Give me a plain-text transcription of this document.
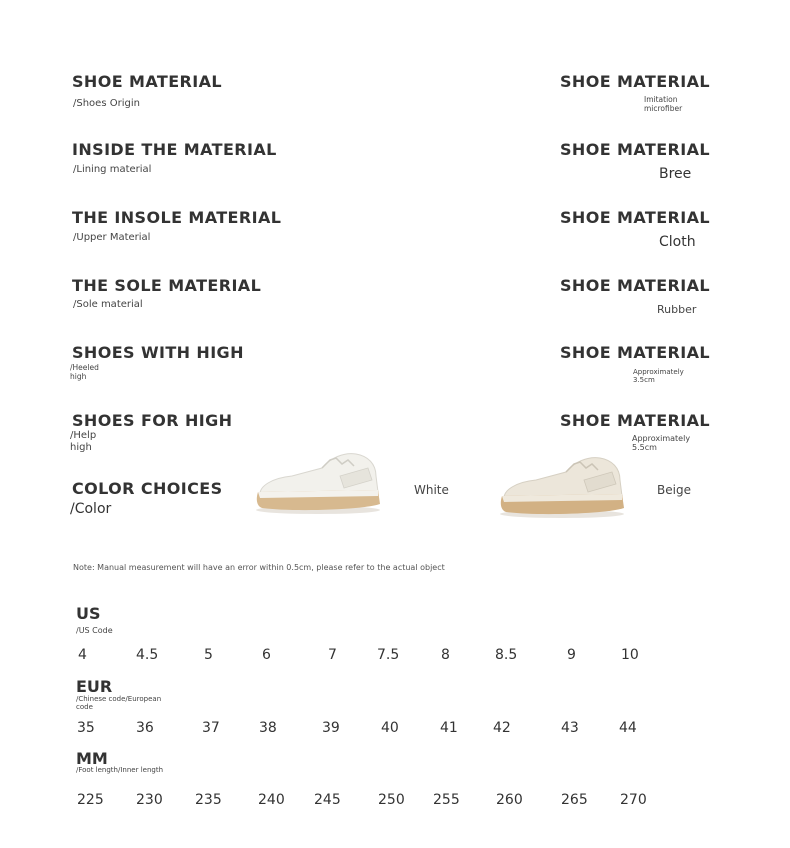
SHOE MATERIAL
/Shoes Origin
SHOE MATERIAL
Imitation microfiber
INSIDE THE MATERIAL
/Lining material
SHOE MATERIAL
Bree
THE INSOLE MATERIAL
/Upper Material
SHOE MATERIAL
Cloth
THE SOLE MATERIAL
/Sole material
SHOE MATERIAL
Rubber
SHOES WITH HIGH
/Heeled high
SHOE MATERIAL
Approximately 3.5cm
SHOES FOR HIGH
/Help high
SHOE MATERIAL
Approximately 5.5cm
COLOR CHOICES
/Color
White	Beige
Note: Manual measurement will have an error within 0.5cm, please refer to the actual object
US
/US Code
4	4.5	5	6	7	7.5	8	8.5	9	10
EUR
/Chinese code/European code
35	36	37	38	39	40	41	42	43	44
MM
/Foot length/Inner length
225 230 235	240 245	250 255	260	265 270
